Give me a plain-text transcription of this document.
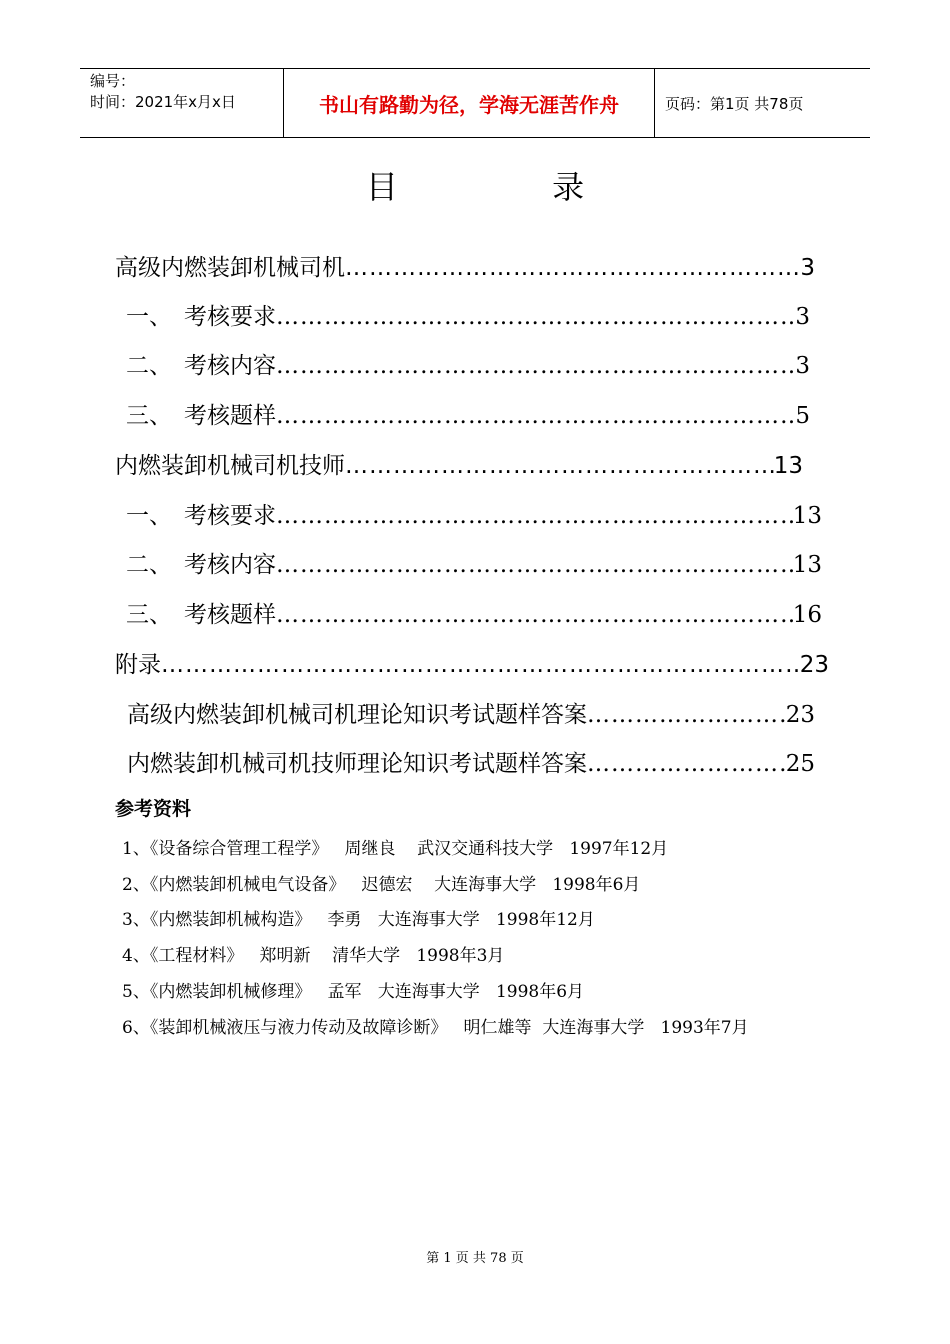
编号：
时间：2021年x月x日	书山有路勤为径，学海无涯苦作舟	页码：第1页 共78页
目 录
高级内燃装卸机械司机 ……………………………………………………………………………………………………………………………………	3
一、 考核要求 ……………………………………………………………………………………………………………………………………	3
二、 考核内容 ……………………………………………………………………………………………………………………………………	3
三、 考核题样 ……………………………………………………………………………………………………………………………………	5
内燃装卸机械司机技师 ……………………………………………………………………………………………………………………………………	13
一、 考核要求 ……………………………………………………………………………………………………………………………………	13
二、 考核内容 ……………………………………………………………………………………………………………………………………	13
三、 考核题样 ……………………………………………………………………………………………………………………………………	16
附录 ……………………………………………………………………………………………………………………………………	23
高级内燃装卸机械司机理论知识考试题样答案 ……………………………………………………………………………………………………………………………………	23
内燃装卸机械司机技师理论知识考试题样答案 ……………………………………………………………………………………………………………………………………	25
参考资料
1、《设备综合管理工程学》   周继良    武汉交通科技大学   1997年12月
2、《内燃装卸机械电气设备》   迟德宏    大连海事大学   1998年6月
3、《内燃装卸机械构造》   李勇   大连海事大学   1998年12月
4、《工程材料》   郑明新    清华大学   1998年3月
5、《内燃装卸机械修理》   孟军   大连海事大学   1998年6月
6、《装卸机械液压与液力传动及故障诊断》   明仁雄等  大连海事大学   1993年7月
第 1 页 共 78 页
